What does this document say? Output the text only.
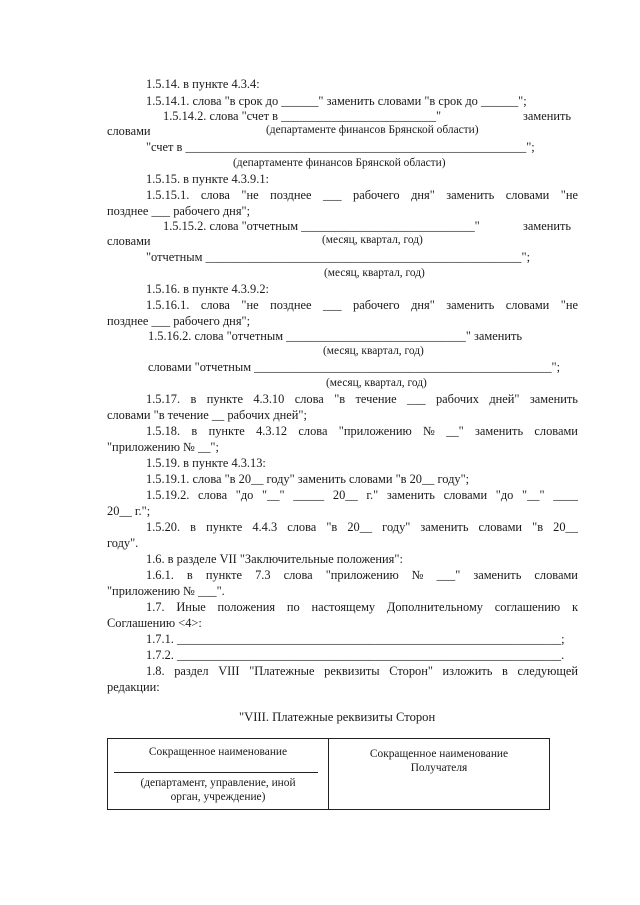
1.5.14. в пункте 4.3.4:
1.5.14.1. слова "в срок до ______" заменить словами "в срок до ______";
1.5.14.2. слова "счет в _________________________"	заменить
словами	(департаменте финансов Брянской области)
"счет в _______________________________________________________";
(департаменте финансов Брянской области)
1.5.15. в пункте 4.3.9.1:
1.5.15.1. слова "не позднее ___ рабочего дня" заменить словами "не
позднее ___ рабочего дня";
1.5.15.2. слова "отчетным ____________________________"	заменить
словами	(месяц, квартал, год)
"отчетным ___________________________________________________";
(месяц, квартал, год)
1.5.16. в пункте 4.3.9.2:
1.5.16.1. слова "не позднее ___ рабочего дня" заменить словами "не
позднее ___ рабочего дня";
1.5.16.2. слова "отчетным _____________________________" заменить
(месяц, квартал, год)
словами "отчетным ________________________________________________";
(месяц, квартал, год)
1.5.17. в пункте 4.3.10 слова "в течение ___ рабочих дней" заменить
словами "в течение __ рабочих дней";
1.5.18. в пункте 4.3.12 слова "приложению № __" заменить словами
"приложению № __";
1.5.19. в пункте 4.3.13:
1.5.19.1. слова "в 20__ году" заменить словами "в 20__ году";
1.5.19.2. слова "до "__" _____ 20__ г." заменить словами "до "__" ____
20__ г.";
1.5.20. в пункте 4.4.3 слова "в 20__ году" заменить словами "в 20__
году".
1.6. в разделе VII "Заключительные положения":
1.6.1. в пункте 7.3 слова "приложению № ___" заменить словами
"приложению № ___".
1.7. Иные положения по настоящему Дополнительному соглашению к
Соглашению <4>:
1.7.1. ______________________________________________________________;
1.7.2. ______________________________________________________________.
1.8. раздел VIII "Платежные реквизиты Сторон" изложить в следующей
редакции:
"VIII. Платежные реквизиты Сторон
Сокращенное наименование
(департамент, управление, иной
орган, учреждение)

Сокращенное наименование
Получателя
